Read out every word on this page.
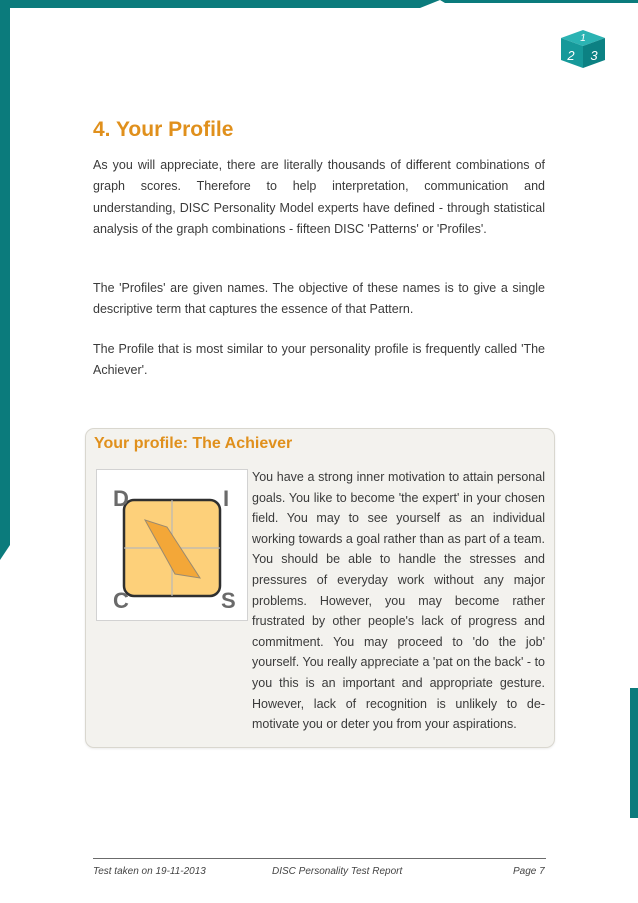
1
2 3
4. Your Profile

As you will appreciate, there are literally thousands of different combinations of graph scores. Therefore to help interpretation, communication and understanding, DISC Personality Model experts have defined - through statistical analysis of the graph combinations - fifteen DISC 'Patterns' or 'Profiles'.

The 'Profiles' are given names. The objective of these names is to give a single descriptive term that captures the essence of that Pattern.

The Profile that is most similar to your personality profile is frequently called 'The Achiever'.

Your profile: The Achiever
D	I
C	S

You have a strong inner motivation to attain personal goals. You like to become 'the expert' in your chosen field. You may to see yourself as an individual working towards a goal rather than as part of a team. You should be able to handle the stresses and pressures of everyday work without any major problems. However, you may become rather frustrated by other people's lack of progress and commitment. You may proceed to 'do the job' yourself. You really appreciate a 'pat on the back' - to you this is an important and appropriate gesture. However, lack of recognition is unlikely to de-motivate you or deter you from your aspirations.

Test taken on 19-11-2013	DISC Personality Test Report	Page 7
